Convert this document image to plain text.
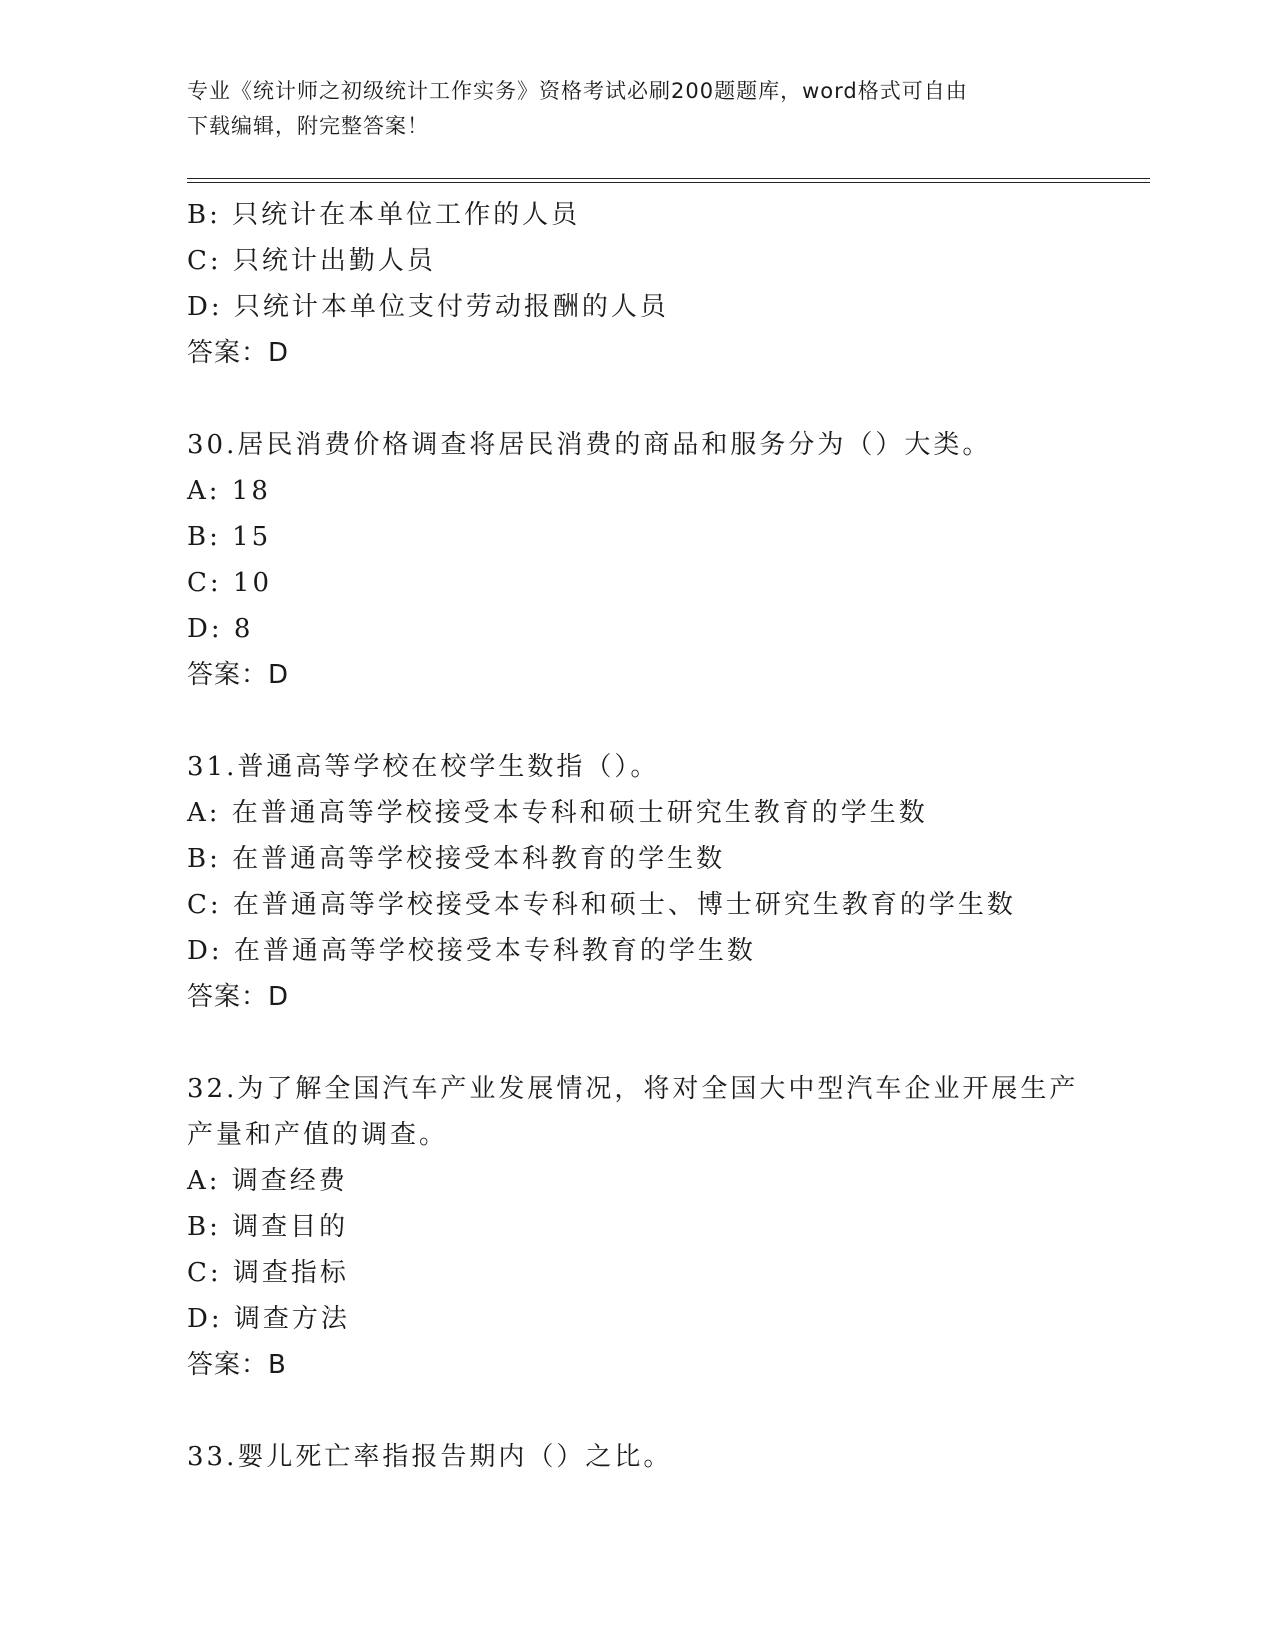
专业《统计师之初级统计工作实务》资格考试必刷200题题库，word格式可自由
下载编辑，附完整答案！
B: 只统计在本单位工作的人员
C: 只统计出勤人员
D: 只统计本单位支付劳动报酬的人员
答案：D
30.居民消费价格调查将居民消费的商品和服务分为（）大类。
A: 18
B: 15
C: 10
D: 8
答案：D
31.普通高等学校在校学生数指（）。
A: 在普通高等学校接受本专科和硕士研究生教育的学生数
B: 在普通高等学校接受本科教育的学生数
C: 在普通高等学校接受本专科和硕士、博士研究生教育的学生数
D: 在普通高等学校接受本专科教育的学生数
答案：D
32.为了解全国汽车产业发展情况，将对全国大中型汽车企业开展生产
产量和产值的调查。
A: 调查经费
B: 调查目的
C: 调查指标
D: 调查方法
答案：B
33.婴儿死亡率指报告期内（）之比。
